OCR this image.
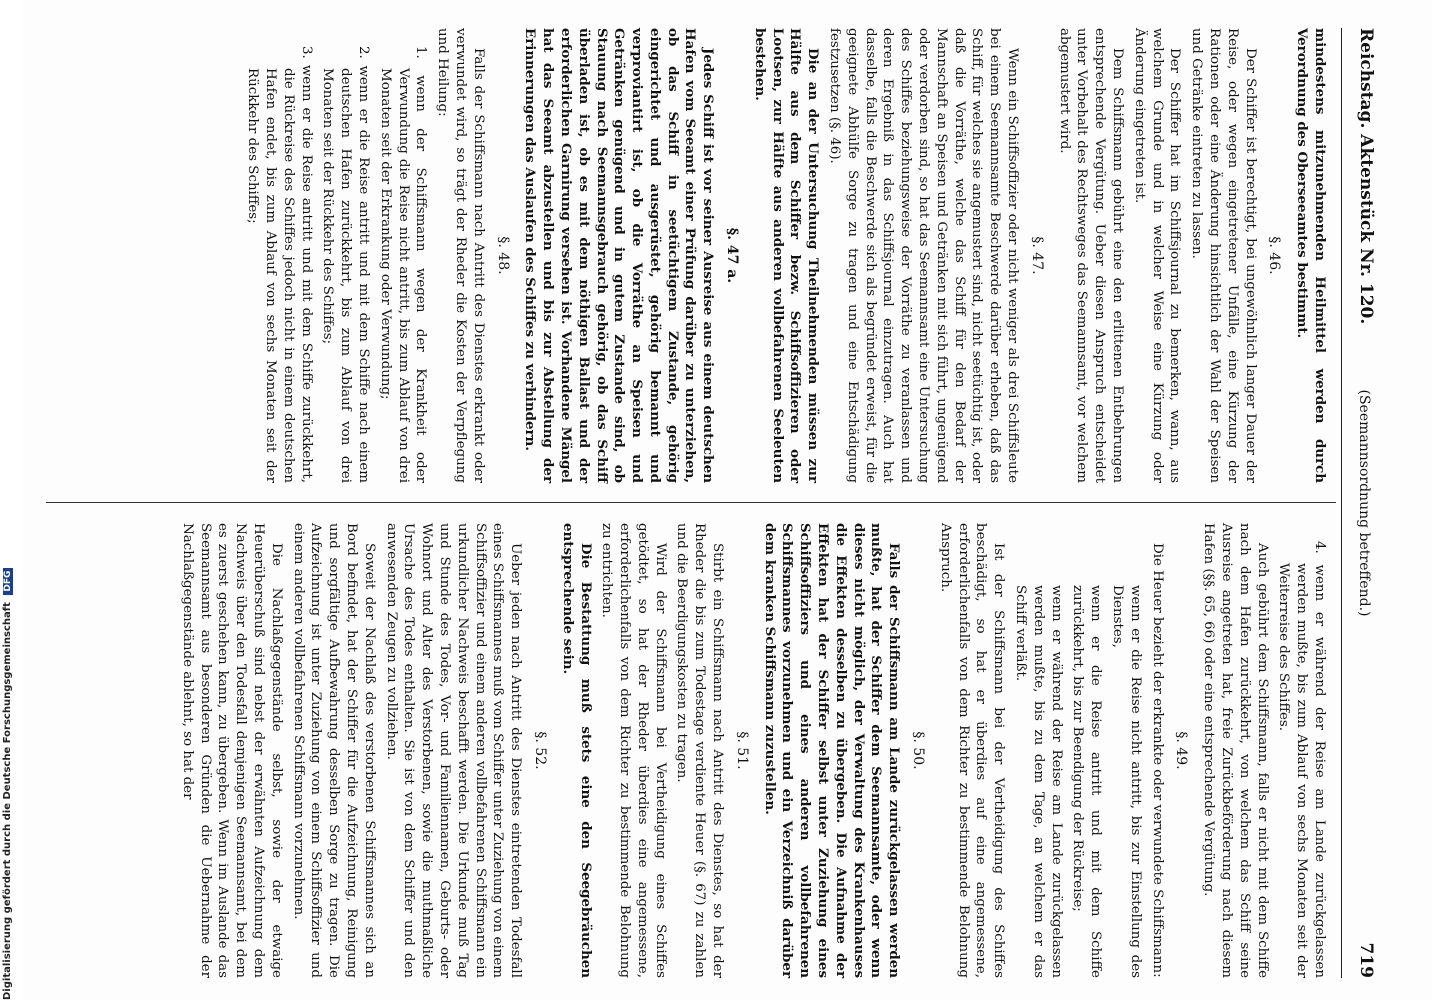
Reichstag. Aktenstück Nr. 120.
(Seemannsordnung betreffend.)
719

mindestens mitzunehmenden Heilmittel werden durch Verordnung des Oberseeamtes bestimmt.

§. 46.

Der Schiffer ist berechtigt, bei ungewöhnlich langer Dauer der Reise, oder wegen eingetretener Unfälle, eine Kürzung der Rationen oder eine Änderung hinsichtlich der Wahl der Speisen und Getränke eintreten zu lassen.

Der Schiffer hat im Schiffsjournal zu bemerken, wann, aus welchem Grunde und in welcher Weise eine Kürzung oder Änderung eingetreten ist.

Dem Schiffsmann gebührt eine den erlittenen Entbehrungen entsprechende Vergütung. Ueber diesen Anspruch entscheidet unter Vorbehalt des Rechtsweges das Seemannsamt, vor welchem abgemustert wird.

§. 47.

Wenn ein Schiffsoffizier oder nicht weniger als drei Schiffsleute bei einem Seemannsamte Beschwerde darüber erheben, daß das Schiff, für welches sie angemustert sind, nicht seetüchtig ist, oder daß die Vorräthe, welche das Schiff für den Bedarf der Mannschaft an Speisen und Getränken mit sich führt, ungenügend oder verdorben sind, so hat das Seemannsamt eine Untersuchung des Schiffes beziehungsweise der Vorräthe zu veranlassen und deren Ergebniß in das Schiffsjournal einzutragen. Auch hat dasselbe, falls die Beschwerde sich als begründet erweist, für die geeignete Abhülfe Sorge zu tragen und eine Entschädigung festzusetzen (§. 46).

Die an der Untersuchung Theilnehmenden müssen zur Hälfte aus dem Schiffer bezw. Schiffsoffizieren oder Lootsen, zur Hälfte aus anderen vollbefahrenen Seeleuten bestehen.

§. 47 a.

Jedes Schiff ist vor seiner Ausreise aus einem deutschen Hafen vom Seeamt einer Prüfung darüber zu unterziehen, ob das Schiff in seetüchtigem Zustande, gehörig eingerichtet und ausgerüstet, gehörig bemannt und verproviantirt ist, ob die Vorräthe an Speisen und Getränken genügend und in gutem Zustande sind, ob Stauung nach Seemannsgebrauch gehörig, ob das Schiff überladen ist, ob es mit dem nöthigen Ballast und der erforderlichen Garnirung versehen ist. Vorhandene Mängel hat das Seeamt abzustellen und bis zur Abstellung der Erinnerungen das Auslaufen des Schiffes zu verhindern.

§. 48.

Falls der Schiffsmann nach Antritt des Dienstes erkrankt oder verwundet wird, so trägt der Rheder die Kosten der Verpflegung und Heilung:

1. wenn der Schiffsmann wegen der Krankheit oder Verwundung die Reise nicht antritt, bis zum Ablauf von drei Monaten seit der Erkrankung oder Verwundung;

2. wenn er die Reise antritt und mit dem Schiffe nach einem deutschen Hafen zurückkehrt, bis zum Ablauf von drei Monaten seit der Rückkehr des Schiffes;

3. wenn er die Reise antritt und mit dem Schiffe zurückkehrt, die Rückreise des Schiffes jedoch nicht in einem deutschen Hafen endet, bis zum Ablauf von sechs Monaten seit der Rückkehr des Schiffes;

4. wenn er während der Reise am Lande zurückgelassen werden mußte, bis zum Ablauf von sechs Monaten seit der Weiterreise des Schiffes.

Auch gebührt dem Schiffsmann, falls er nicht mit dem Schiffe nach dem Hafen zurückkehrt, von welchem das Schiff seine Ausreise angetreten hat, freie Zurückbeförderung nach diesem Hafen (§§. 65, 66) oder eine entsprechende Vergütung.

§. 49.

Die Heuer bezieht der erkrankte oder verwundete Schiffsmann:

wenn er die Reise nicht antritt, bis zur Einstellung des Dienstes,

wenn er die Reise antritt und mit dem Schiffe zurückkehrt, bis zur Beendigung der Rückreise;

wenn er während der Reise am Lande zurückgelassen werden mußte, bis zu dem Tage, an welchem er das Schiff verläßt.

Ist der Schiffsmann bei der Vertheidigung des Schiffes beschädigt, so hat er überdies auf eine angemessene, erforderlichenfalls von dem Richter zu bestimmende Belohnung Anspruch.

§. 50.

Falls der Schiffsmann am Lande zurückgelassen werden mußte, hat der Schiffer dem Seemannsamte, oder wenn dieses nicht möglich, der Verwaltung des Krankenhauses die Effekten desselben zu übergeben. Die Aufnahme der Effekten hat der Schiffer selbst unter Zuziehung eines Schiffsoffiziers und eines anderen vollbefahrenen Schiffsmannes vorzunehmen und ein Verzeichniß darüber dem kranken Schiffsmann zuzustellen.

§. 51.

Stirbt ein Schiffsmann nach Antritt des Dienstes, so hat der Rheder die bis zum Todestage verdiente Heuer (§. 67) zu zahlen und die Beerdigungskosten zu tragen.

Wird der Schiffsmann bei Vertheidigung eines Schiffes getödtet, so hat der Rheder überdies eine angemessene, erforderlichenfalls von dem Richter zu bestimmende Belohnung zu entrichten.

Die Bestattung muß stets eine den Seegebräuchen entsprechende sein.

§. 52.

Ueber jeden nach Antritt des Dienstes eintretenden Todesfall eines Schiffsmannes muß vom Schiffer unter Zuziehung von einem Schiffsoffizier und einem anderen vollbefahrenen Schiffsmann ein urkundlicher Nachweis beschafft werden. Die Urkunde muß Tag und Stunde des Todes, Vor- und Familiennamen, Geburts- oder Wohnort und Alter des Verstorbenen, sowie die muthmaßliche Ursache des Todes enthalten. Sie ist von dem Schiffer und den anwesenden Zeugen zu vollziehen.

Soweit der Nachlaß des verstorbenen Schiffsmannes sich an Bord befindet, hat der Schiffer für die Aufzeichnung, Reinigung und sorgfältige Aufbewahrung desselben Sorge zu tragen. Die Aufzeichnung ist unter Zuziehung von einem Schiffsoffizier und einem anderen vollbefahrenen Schiffsmann vorzunehmen.

Die Nachlaßgegenstände selbst, sowie der etwaige Heuerüberschuß sind nebst der erwähnten Aufzeichnung dem Nachweis über den Todesfall demjenigen Seemannsamt, bei dem es zuerst geschehen kann, zu übergeben. Wenn im Auslande das Seemannsamt aus besonderen Gründen die Uebernahme der Nachlaßgegenstände ablehnt, so hat der

Digitalisierung gefördert durch die Deutsche Forschungsgemeinschaft DFG
